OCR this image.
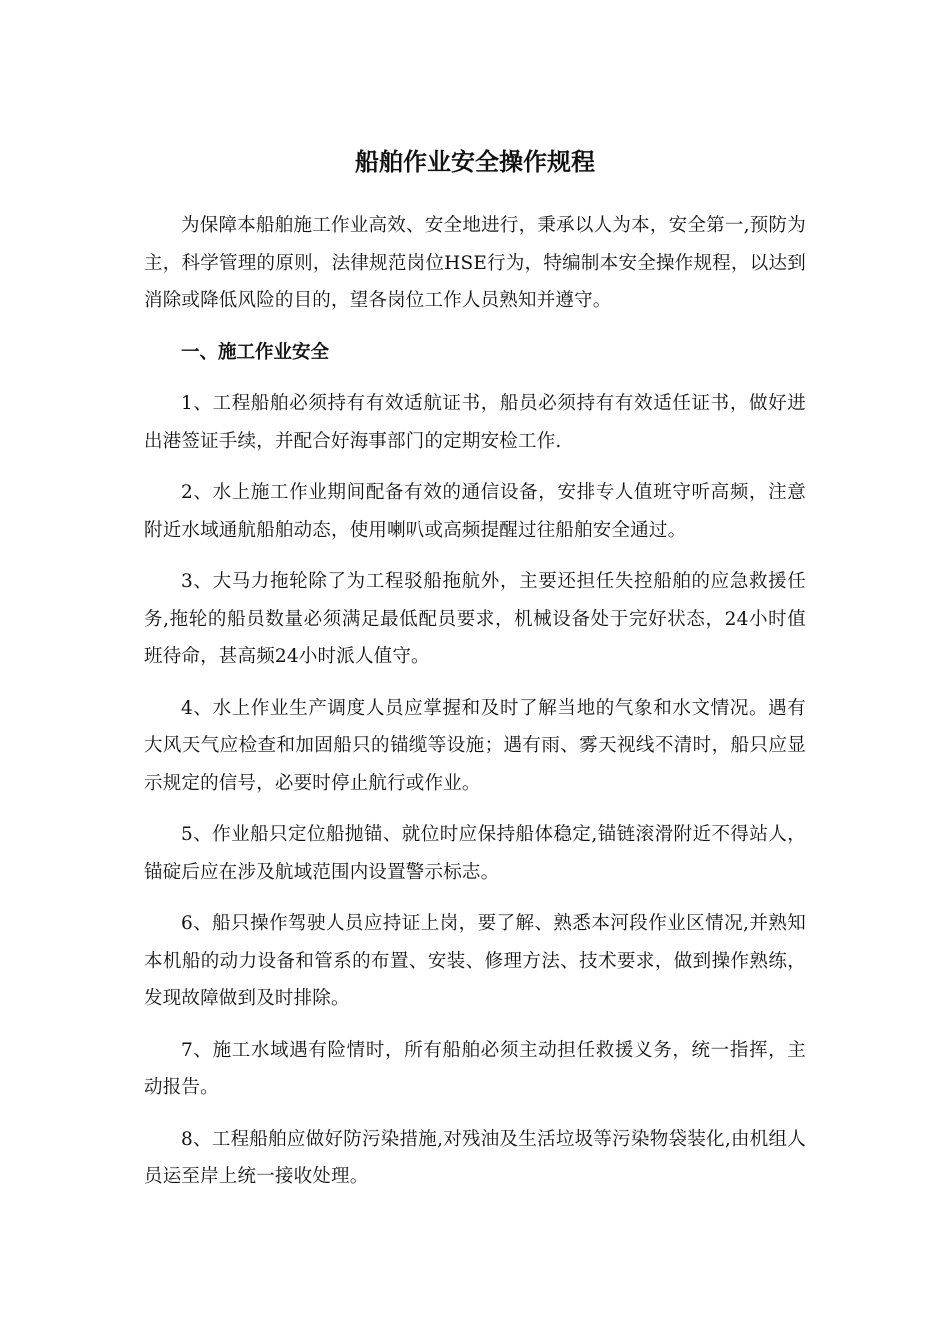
船舶作业安全操作规程

为保障本船舶施工作业高效、安全地进行，秉承以人为本，安全第一,预防为主，科学管理的原则，法律规范岗位HSE行为，特编制本安全操作规程，以达到消除或降低风险的目的，望各岗位工作人员熟知并遵守。

一、施工作业安全

1、工程船舶必须持有有效适航证书，船员必须持有有效适任证书，做好进出港签证手续，并配合好海事部门的定期安检工作.

2、水上施工作业期间配备有效的通信设备，安排专人值班守听高频，注意附近水域通航船舶动态，使用喇叭或高频提醒过往船舶安全通过。

3、大马力拖轮除了为工程驳船拖航外，主要还担任失控船舶的应急救援任务,拖轮的船员数量必须满足最低配员要求，机械设备处于完好状态，24小时值班待命，甚高频24小时派人值守。

4、水上作业生产调度人员应掌握和及时了解当地的气象和水文情况。遇有大风天气应检查和加固船只的锚缆等设施；遇有雨、雾天视线不清时，船只应显示规定的信号，必要时停止航行或作业。

5、作业船只定位船抛锚、就位时应保持船体稳定,锚链滚滑附近不得站人，锚碇后应在涉及航域范围内设置警示标志。

6、船只操作驾驶人员应持证上岗，要了解、熟悉本河段作业区情况,并熟知本机船的动力设备和管系的布置、安装、修理方法、技术要求，做到操作熟练，发现故障做到及时排除。

7、施工水域遇有险情时，所有船舶必须主动担任救援义务，统一指挥，主动报告。

8、工程船舶应做好防污染措施,对残油及生活垃圾等污染物袋装化,由机组人员运至岸上统一接收处理。
